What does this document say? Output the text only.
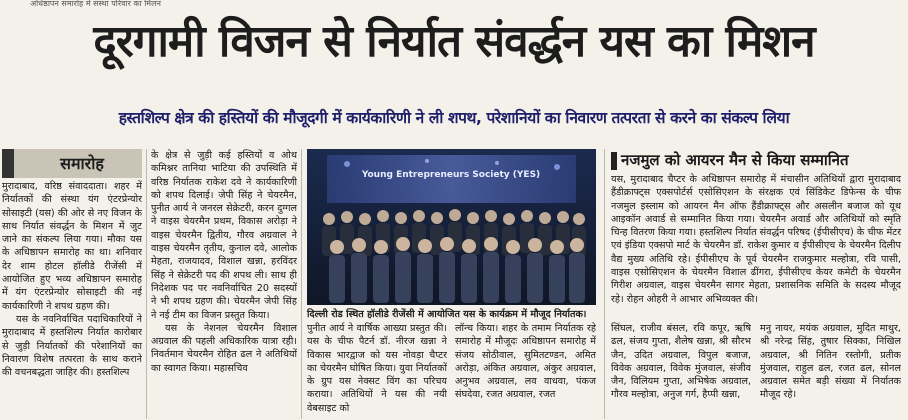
अधिष्ठापन समारोह में संस्था परिवार का मिलन
दूरगामी विजन से निर्यात संवर्द्धन यस का मिशन
हस्तशिल्प क्षेत्र की हस्तियों की मौजूदगी में कार्यकारिणी ने ली शपथ, परेशानियों का निवारण तत्परता से करने का संकल्प लिया
समारोह

मुरादाबाद, वरिष्ठ संवाददाता। शहर में निर्यातकों की संस्था यंग एंटरप्रेन्योर सोसाइटी (यस) की ओर से नए विजन के साथ निर्यात संवर्द्धन के मिशन में जुट जाने का संकल्प लिया गया। मौका यस के अधिष्ठापन समारोह का था। शनिवार देर शाम होटल हॉलीडे रीजेंसी में आयोजित हुए भव्य अधिष्ठापन समारोह में यंग एंटरप्रेन्योर सोसाइटी की नई कार्यकारिणी ने शपथ ग्रहण की।

यस के नवनिर्वाचित पदाधिकारियों ने मुरादाबाद में हस्तशिल्प निर्यात कारोबार से जुड़ी निर्यातकों की परेशानियों का निवारण विशेष तत्परता के साथ कराने की वचनबद्धता जाहिर की। हस्तशिल्प

के क्षेत्र से जुड़ी कई हस्तियों व ओथ कमिश्नर तानिया भाटिया की उपस्थिति में वरिष्ठ निर्यातक राकेश दवे ने कार्यकारिणी को शपथ दिलाई। जेपी सिंह ने चेयरमैन, पुनीत आर्य ने जनरल सेक्रेटरी, करन दुग्गल ने वाइस चेयरमैन प्रथम, विकास अरोड़ा ने वाइस चेयरमैन द्वितीय, गौरव अग्रवाल ने वाइस चेयरमैन तृतीय, कुनाल दवे, आलोक मेहता, राजयादव, विशाल खन्ना, हरविंदर सिंह ने सेक्रेटरी पद की शपथ ली। साथ ही निदेशक पद पर नवनिर्वाचित 20 सदस्यों ने भी शपथ ग्रहण की। चेयरमैन जेपी सिंह ने नई टीम का विजन प्रस्तुत किया।

यस के नेशनल चेयरमैन विशाल अग्रवाल की पहली अधिकारिक यात्रा रही। निवर्तमान चेयरमैन रोहित ढल ने अतिथियों का स्वागत किया। महासचिव

Young Entrepreneurs Society (YES)
दिल्ली रोड स्थित हॉलीडे रीजेंसी में आयोजित यस के कार्यक्रम में मौजूद निर्यातक।
पुनीत आर्य ने वार्षिक आख्या प्रस्तुत की। यस के चीफ पैटर्न डॉ. नीरज खन्ना ने विकास भारद्वाज को यस नोवड़ा चैप्टर का चेयरमैन घोषित किया। युवा निर्यातकों के ग्रुप यस नेक्सट विंग का परिचय कराया। अतिथियों ने यस की नयी वेबसाइट को
लॉन्च किया। शहर के तमाम निर्यातक रहे समारोह में मौजूदः अधिष्ठापन समारोह में संजय सोठीवाल, सुमितटण्डन, अमित अरोड़ा, अंकित अग्रवाल, अंकुर अग्रवाल, अनुभव अग्रवाल, लव वाधवा, पंकज संघदेवा, रजत अग्रवाल, रजत
नजमुल को आयरन मैन से किया सम्मानित
यस, मुरादाबाद चैप्टर के अधिष्ठापन समारोह में मंचासीन अतिथियों द्वारा मुरादाबाद हैंडीक्राफ्ट्स एक्सपोर्टर्स एसोसिएशन के संरक्षक एवं सिंडिकेट डिफेन्स के चीफ नजमुल इस्लाम को आयरन मैन ऑफ हैंडीक्राफ्ट्स और असलीन बजाज को यूथ आइकॉन अवार्ड से सम्मानित किया गया। चेयरमैन अवार्ड और अतिथियों को स्मृति चिन्ह वितरण किया गया। हस्तशिल्प निर्यात संवर्द्धन परिषद (ईपीसीएच) के चीफ मेंटर एवं इंडिया एक्सपो मार्ट के चेयरमैन डॉ. राकेश कुमार व ईपीसीएच के चेयरमैन दिलीप वैद्य मुख्य अतिथि रहे। ईपीसीएच के पूर्व चेयरमैन राजकुमार मल्होत्रा, रवि पासी, वाइस एसोसिएशन के चेयरमैन विशाल ढींगरा, ईपीसीएच केयर कमेटी के चेयरमैन गिरीश अग्रवाल, वाइस चेयरमैन सागर मेहता, प्रशासनिक समिति के सदस्य मौजूद रहे। रोहन ओहरी ने आभार अभिव्यक्त की।
सिंघल, राजीव बंसल, रवि कपूर, ऋषि ढल, संजय गुप्ता, शैलेष खन्ना, श्री सौरभ जैन, उदित अग्रवाल, विपुल बजाज, विवेक अग्रवाल, विवेक मुंजवाल, संजीव जैन, विलियम गुप्ता, अभिषेक अग्रवाल, गौरव मल्होत्रा, अनुज गर्ग, हैप्पी खन्ना,
मनु नायर, मयंक अग्रवाल, मुदित माथुर, श्री नरेन्द्र सिंह, तुषार सिक्का, निखिल अग्रवाल, श्री नितिन रस्तोगी, प्रतीक मुंजवाल, राहुल ढल, रजत ढल, सोनल अग्रवाल समेत बड़ी संख्या में निर्यातक मौजूद रहे।
